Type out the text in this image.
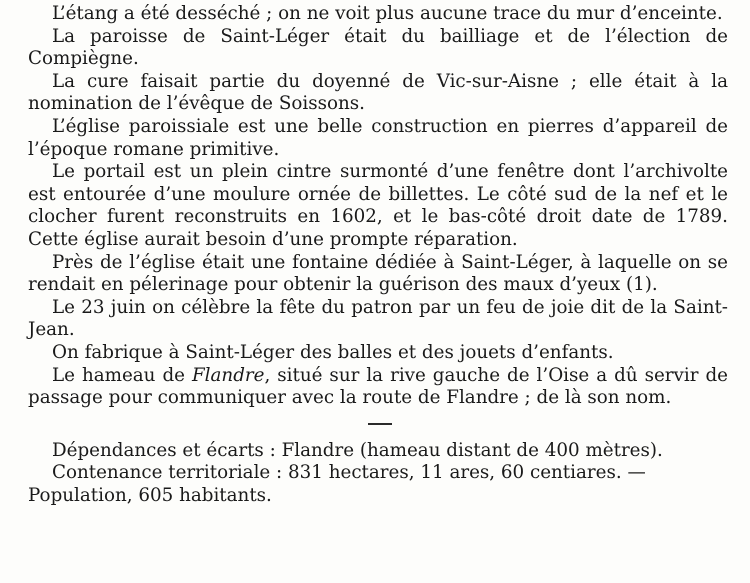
L’étang a été desséché ; on ne voit plus aucune trace du mur d’enceinte.

La paroisse de Saint-Léger était du bailliage et de l’élection de Compiègne.

La cure faisait partie du doyenné de Vic-sur-Aisne ; elle était à la nomination de l’évêque de Soissons.

L’église paroissiale est une belle construction en pierres d’appareil de l’époque romane primitive.

Le portail est un plein cintre surmonté d’une fenêtre dont l’archivolte est entourée d’une moulure ornée de billettes. Le côté sud de la nef et le clocher furent reconstruits en 1602, et le bas-côté droit date de 1789. Cette église aurait besoin d’une prompte réparation.

Près de l’église était une fontaine dédiée à Saint-Léger, à laquelle on se rendait en pélerinage pour obtenir la guérison des maux d’yeux (1).

Le 23 juin on célèbre la fête du patron par un feu de joie dit de la Saint-Jean.

On fabrique à Saint-Léger des balles et des jouets d’enfants.

Le hameau de Flandre, situé sur la rive gauche de l’Oise a dû servir de passage pour communiquer avec la route de Flandre ; de là son nom.

Dépendances et écarts : Flandre (hameau distant de 400 mètres).

Contenance territoriale : 831 hectares, 11 ares, 60 centiares. —

Population, 605 habitants.
